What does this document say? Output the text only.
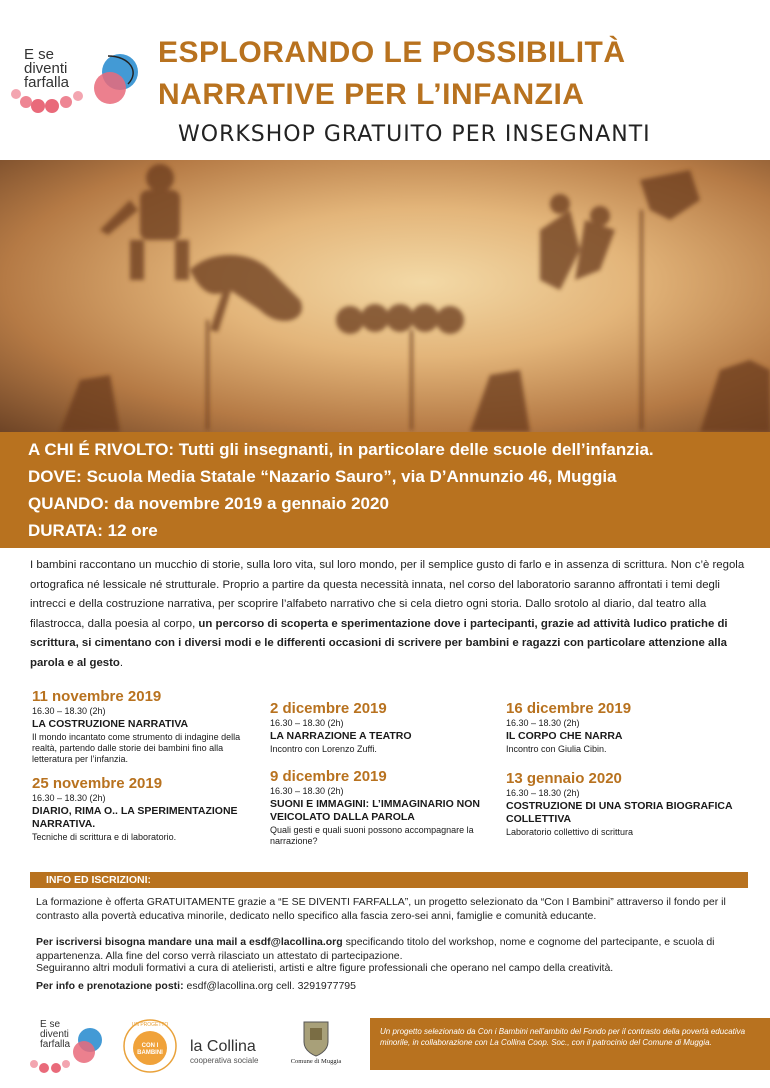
E se
diventi
farfalla
ESPLORANDO LE POSSIBILITÀ
NARRATIVE PER L’INFANZIA
WORKSHOP GRATUITO PER INSEGNANTI
A CHI É RIVOLTO: Tutti gli insegnanti, in particolare delle scuole dell’infanzia.
DOVE: Scuola Media Statale “Nazario Sauro”, via D’Annunzio 46, Muggia
QUANDO: da novembre 2019 a gennaio 2020
DURATA: 12 ore
I bambini raccontano un mucchio di storie, sulla loro vita, sul loro mondo, per il semplice gusto di farlo e in assenza di scrittura. Non c’è regola ortografica né lessicale né strutturale. Proprio a partire da questa necessità innata, nel corso del laboratorio saranno affrontati i temi degli intrecci e della costruzione narrativa, per scoprire l’alfabeto narrativo che si cela dietro ogni storia. Dallo srotolo al diario, dal teatro alla filastrocca, dalla poesia al corpo, un percorso di scoperta e sperimentazione dove i partecipanti, grazie ad attività ludico pratiche di scrittura, si cimentano con i diversi modi e le differenti occasioni di scrivere per bambini e ragazzi con particolare attenzione alla parola e al gesto.
11 novembre 2019
16.30 – 18.30 (2h)
LA COSTRUZIONE NARRATIVA
Il mondo incantato come strumento di indagine della realtà, partendo dalle storie dei bambini fino alla letteratura per l’infanzia.
2 dicembre 2019
16.30 – 18.30 (2h)
LA NARRAZIONE A TEATRO
Incontro con Lorenzo Zuffi.
16 dicembre 2019
16.30 – 18.30 (2h)
IL CORPO CHE NARRA
Incontro con Giulia Cibin.
25 novembre 2019
16.30 – 18.30 (2h)
DIARIO, RIMA O.. LA SPERIMENTAZIONE NARRATIVA.
Tecniche di scrittura e di laboratorio.
9 dicembre 2019
16.30 – 18.30 (2h)
SUONI E IMMAGINI: L’IMMAGINARIO NON VEICOLATO DALLA PAROLA
Quali gesti e quali suoni possono accompagnare la narrazione?
13 gennaio 2020
16.30 – 18.30 (2h)
COSTRUZIONE DI UNA STORIA BIOGRAFICA COLLETTIVA
Laboratorio collettivo di scrittura
INFO ED ISCRIZIONI:
La formazione è offerta GRATUITAMENTE grazie a “E SE DIVENTI FARFALLA”, un progetto selezionato da “Con I Bambini” attraverso il fondo per il contrasto alla povertà educativa minorile, dedicato nello specifico alla fascia zero-sei anni, famiglie e comunità educante.
Per iscriversi bisogna mandare una mail a esdf@lacollina.org specificando titolo del workshop, nome e cognome del partecipante, e scuola di appartenenza. Alla fine del corso verrà rilasciato un attestato di partecipazione.
Seguiranno altri moduli formativi a cura di atelieristi, artisti e altre figure professionali che operano nel campo della creatività.
Per info e prenotazione posti: esdf@lacollina.org cell. 3291977795
E se
diventi
farfalla
UN PROGETTO
CON I BAMBINI la Collina
cooperativa sociale	Comune di Muggia
Un progetto selezionato da Con i Bambini nell’ambito del Fondo per il contrasto della povertà educativa minorile, in collaborazione con La Collina Coop. Soc., con il patrocinio del Comune di Muggia.
